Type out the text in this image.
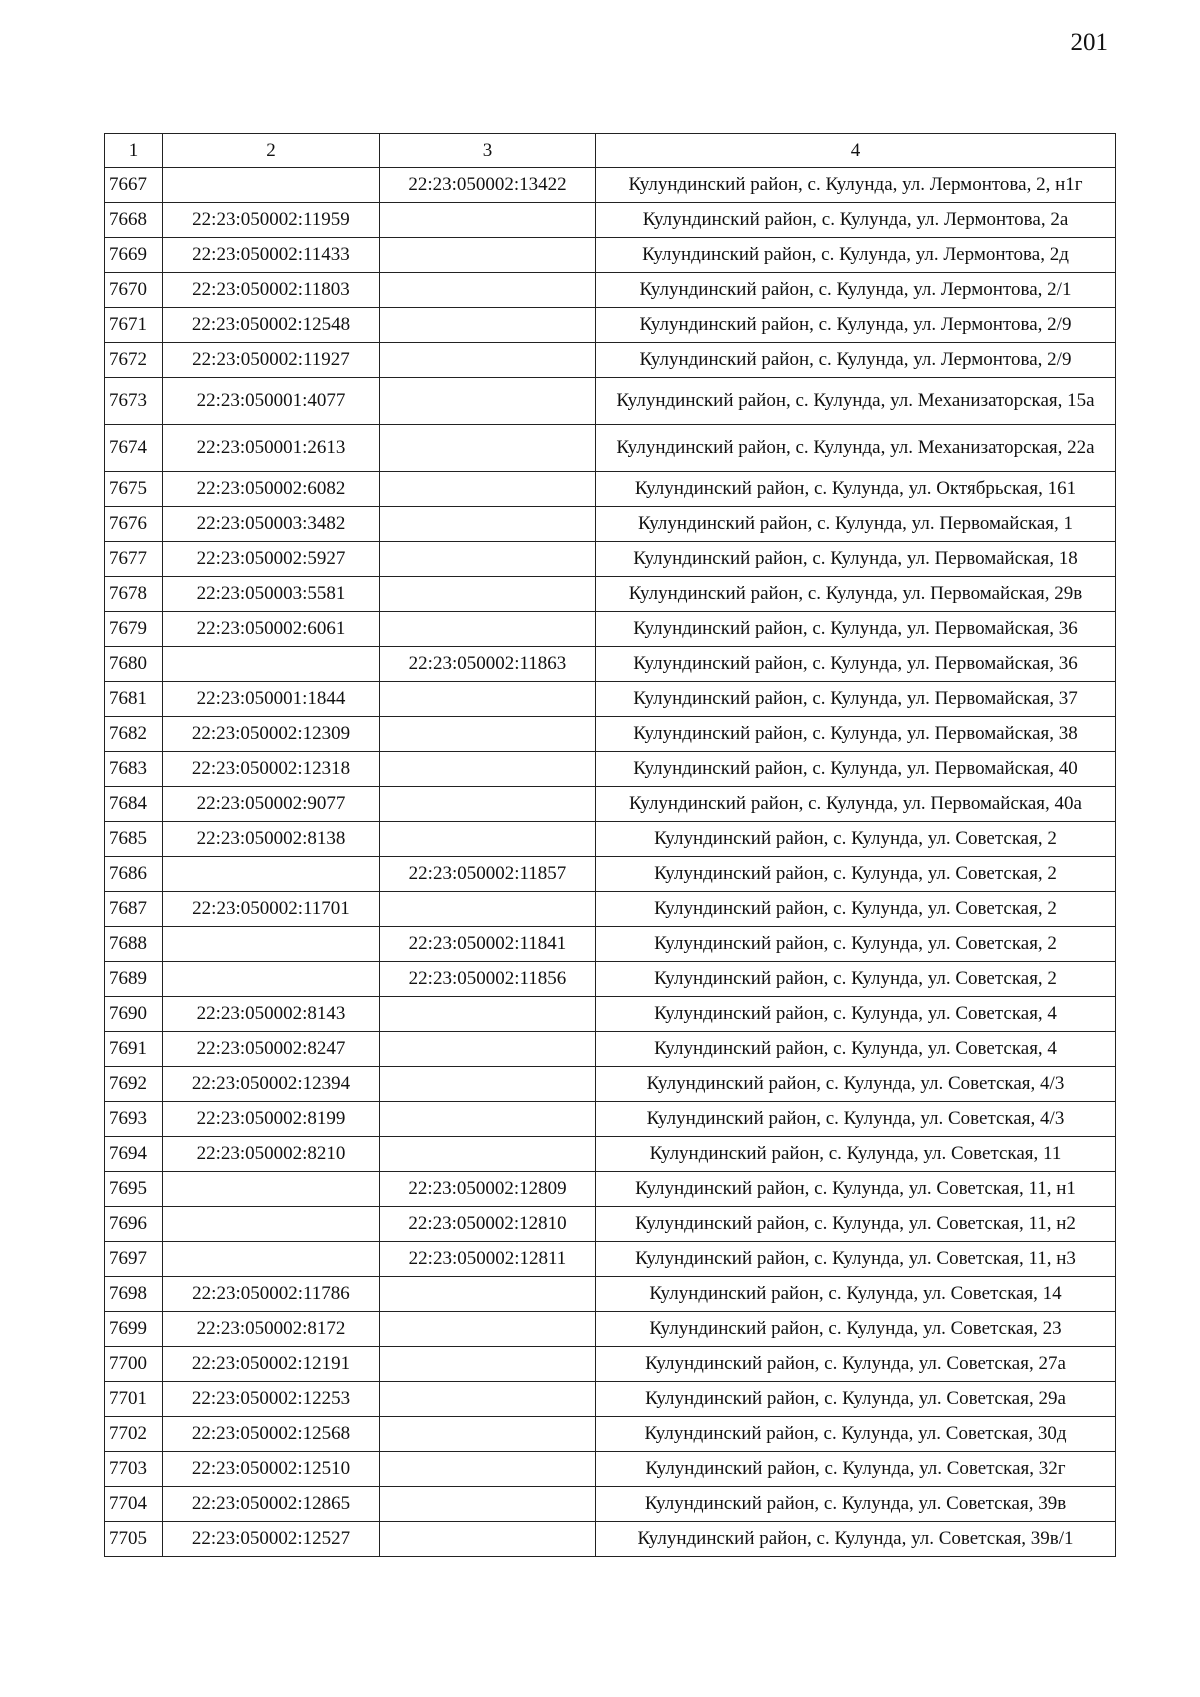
201
1	2	3	4
7667		22:23:050002:13422	Кулундинский район, с. Кулунда, ул. Лермонтова, 2, н1г
7668	22:23:050002:11959		Кулундинский район, с. Кулунда, ул. Лермонтова, 2а
7669	22:23:050002:11433		Кулундинский район, с. Кулунда, ул. Лермонтова, 2д
7670	22:23:050002:11803		Кулундинский район, с. Кулунда, ул. Лермонтова, 2/1
7671	22:23:050002:12548		Кулундинский район, с. Кулунда, ул. Лермонтова, 2/9
7672	22:23:050002:11927		Кулундинский район, с. Кулунда, ул. Лермонтова, 2/9
7673	22:23:050001:4077		Кулундинский район, с. Кулунда, ул. Механизаторская, 15а
7674	22:23:050001:2613		Кулундинский район, с. Кулунда, ул. Механизаторская, 22а
7675	22:23:050002:6082		Кулундинский район, с. Кулунда, ул. Октябрьская, 161
7676	22:23:050003:3482		Кулундинский район, с. Кулунда, ул. Первомайская, 1
7677	22:23:050002:5927		Кулундинский район, с. Кулунда, ул. Первомайская, 18
7678	22:23:050003:5581		Кулундинский район, с. Кулунда, ул. Первомайская, 29в
7679	22:23:050002:6061		Кулундинский район, с. Кулунда, ул. Первомайская, 36
7680		22:23:050002:11863	Кулундинский район, с. Кулунда, ул. Первомайская, 36
7681	22:23:050001:1844		Кулундинский район, с. Кулунда, ул. Первомайская, 37
7682	22:23:050002:12309		Кулундинский район, с. Кулунда, ул. Первомайская, 38
7683	22:23:050002:12318		Кулундинский район, с. Кулунда, ул. Первомайская, 40
7684	22:23:050002:9077		Кулундинский район, с. Кулунда, ул. Первомайская, 40а
7685	22:23:050002:8138		Кулундинский район, с. Кулунда, ул. Советская, 2
7686		22:23:050002:11857	Кулундинский район, с. Кулунда, ул. Советская, 2
7687	22:23:050002:11701		Кулундинский район, с. Кулунда, ул. Советская, 2
7688		22:23:050002:11841	Кулундинский район, с. Кулунда, ул. Советская, 2
7689		22:23:050002:11856	Кулундинский район, с. Кулунда, ул. Советская, 2
7690	22:23:050002:8143		Кулундинский район, с. Кулунда, ул. Советская, 4
7691	22:23:050002:8247		Кулундинский район, с. Кулунда, ул. Советская, 4
7692	22:23:050002:12394		Кулундинский район, с. Кулунда, ул. Советская, 4/3
7693	22:23:050002:8199		Кулундинский район, с. Кулунда, ул. Советская, 4/3
7694	22:23:050002:8210		Кулундинский район, с. Кулунда, ул. Советская, 11
7695		22:23:050002:12809	Кулундинский район, с. Кулунда, ул. Советская, 11, н1
7696		22:23:050002:12810	Кулундинский район, с. Кулунда, ул. Советская, 11, н2
7697		22:23:050002:12811	Кулундинский район, с. Кулунда, ул. Советская, 11, н3
7698	22:23:050002:11786		Кулундинский район, с. Кулунда, ул. Советская, 14
7699	22:23:050002:8172		Кулундинский район, с. Кулунда, ул. Советская, 23
7700	22:23:050002:12191		Кулундинский район, с. Кулунда, ул. Советская, 27а
7701	22:23:050002:12253		Кулундинский район, с. Кулунда, ул. Советская, 29а
7702	22:23:050002:12568		Кулундинский район, с. Кулунда, ул. Советская, 30д
7703	22:23:050002:12510		Кулундинский район, с. Кулунда, ул. Советская, 32г
7704	22:23:050002:12865		Кулундинский район, с. Кулунда, ул. Советская, 39в
7705	22:23:050002:12527		Кулундинский район, с. Кулунда, ул. Советская, 39в/1
